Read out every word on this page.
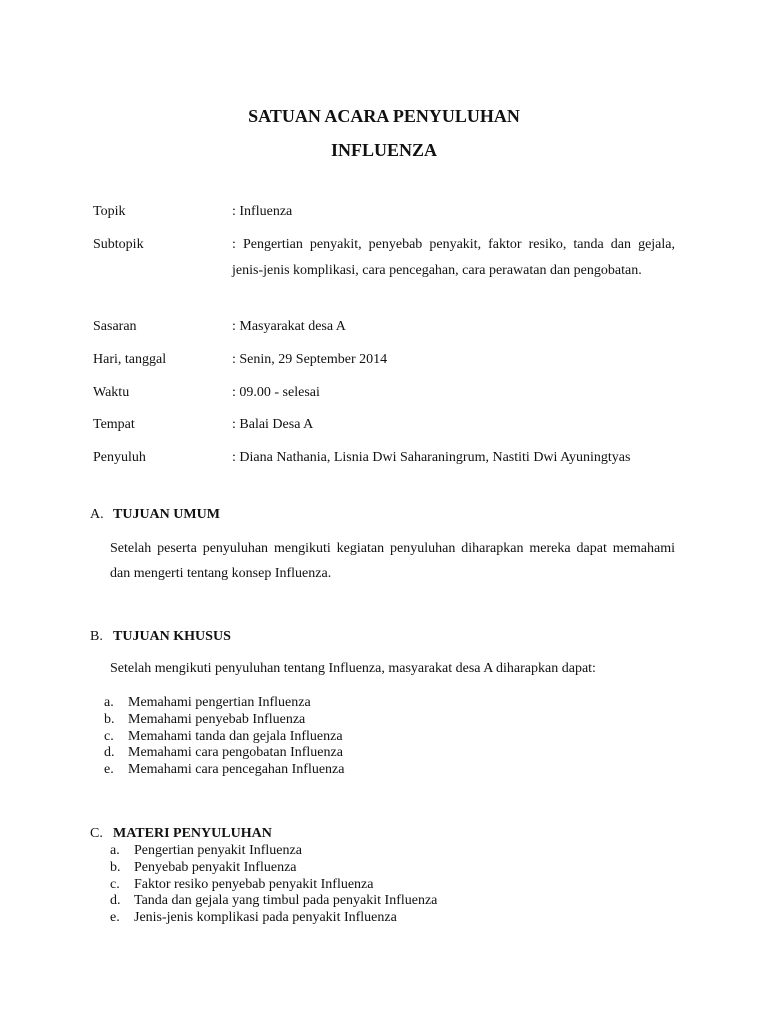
SATUAN ACARA PENYULUHAN
INFLUENZA
Topik	: Influenza
Subtopik	: Pengertian penyakit, penyebab penyakit, faktor resiko, tanda dan gejala, jenis-jenis komplikasi, cara pencegahan, cara perawatan dan pengobatan.
Sasaran	: Masyarakat desa A
Hari, tanggal	: Senin, 29 September 2014
Waktu	: 09.00 - selesai
Tempat	: Balai Desa A
Penyuluh	: Diana Nathania, Lisnia Dwi Saharaningrum, Nastiti Dwi Ayuningtyas
A. TUJUAN UMUM
Setelah peserta penyuluhan mengikuti kegiatan penyuluhan diharapkan mereka dapat memahami dan mengerti tentang konsep Influenza.
B. TUJUAN KHUSUS
Setelah mengikuti penyuluhan tentang Influenza, masyarakat desa A diharapkan dapat:
a. Memahami pengertian Influenza
b. Memahami penyebab Influenza
c. Memahami tanda dan gejala Influenza
d. Memahami cara pengobatan Influenza
e. Memahami cara pencegahan Influenza
C. MATERI PENYULUHAN
a. Pengertian penyakit Influenza
b. Penyebab penyakit Influenza
c. Faktor resiko penyebab penyakit Influenza
d. Tanda dan gejala yang timbul pada penyakit Influenza
e. Jenis-jenis komplikasi pada penyakit Influenza
